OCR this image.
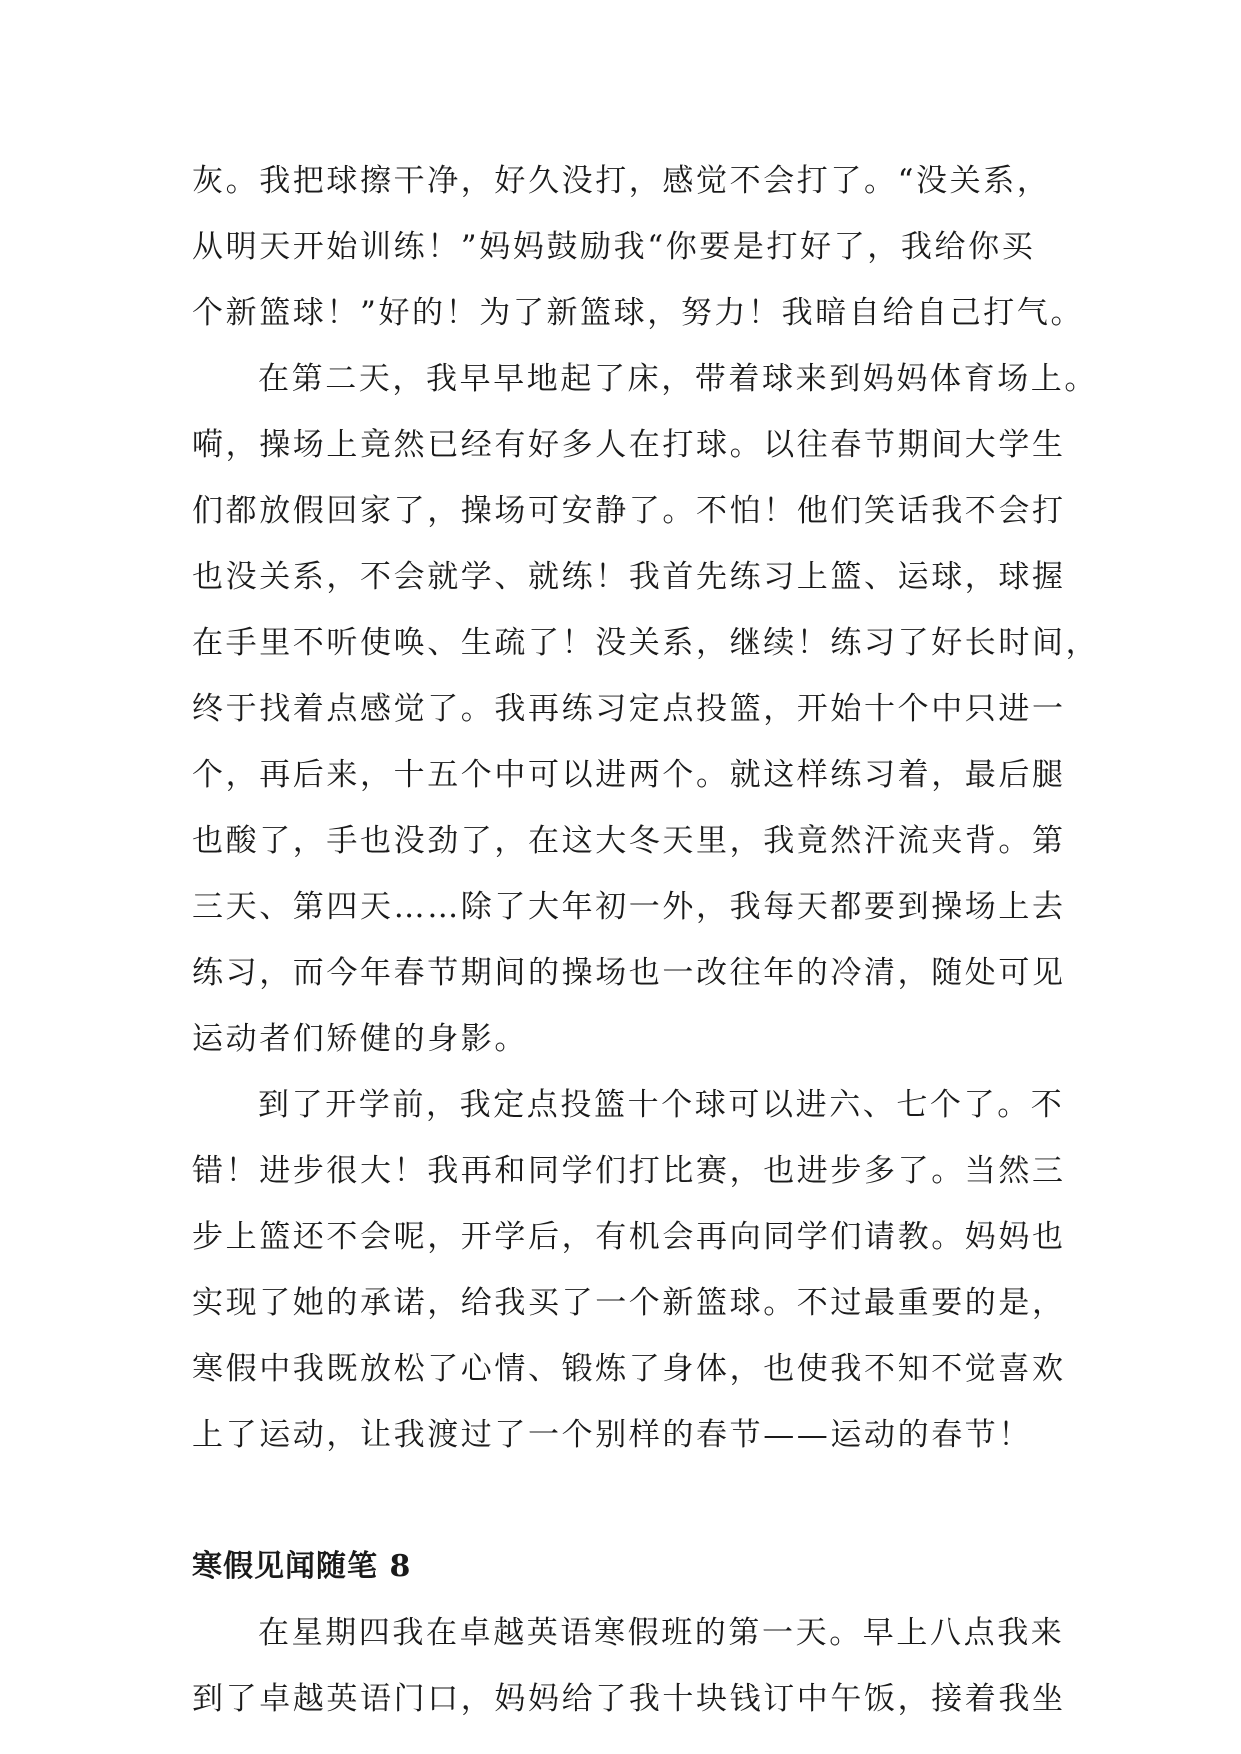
灰。我把球擦干净，好久没打，感觉不会打了。“没关系，
从明天开始训练！”妈妈鼓励我“你要是打好了，我给你买
个新篮球！”好的！为了新篮球，努力！我暗自给自己打气。
在第二天，我早早地起了床，带着球来到妈妈体育场上。
嗬，操场上竟然已经有好多人在打球。以往春节期间大学生
们都放假回家了，操场可安静了。不怕！他们笑话我不会打
也没关系，不会就学、就练！我首先练习上篮、运球，球握
在手里不听使唤、生疏了！没关系，继续！练习了好长时间，
终于找着点感觉了。我再练习定点投篮，开始十个中只进一
个，再后来，十五个中可以进两个。就这样练习着，最后腿
也酸了，手也没劲了，在这大冬天里，我竟然汗流夹背。第
三天、第四天……除了大年初一外，我每天都要到操场上去
练习，而今年春节期间的操场也一改往年的冷清，随处可见
运动者们矫健的身影。
到了开学前，我定点投篮十个球可以进六、七个了。不
错！进步很大！我再和同学们打比赛，也进步多了。当然三
步上篮还不会呢，开学后，有机会再向同学们请教。妈妈也
实现了她的承诺，给我买了一个新篮球。不过最重要的是，
寒假中我既放松了心情、锻炼了身体，也使我不知不觉喜欢
上了运动，让我渡过了一个别样的春节——运动的春节！
寒假见闻随笔 8
在星期四我在卓越英语寒假班的第一天。早上八点我来
到了卓越英语门口，妈妈给了我十块钱订中午饭，接着我坐
